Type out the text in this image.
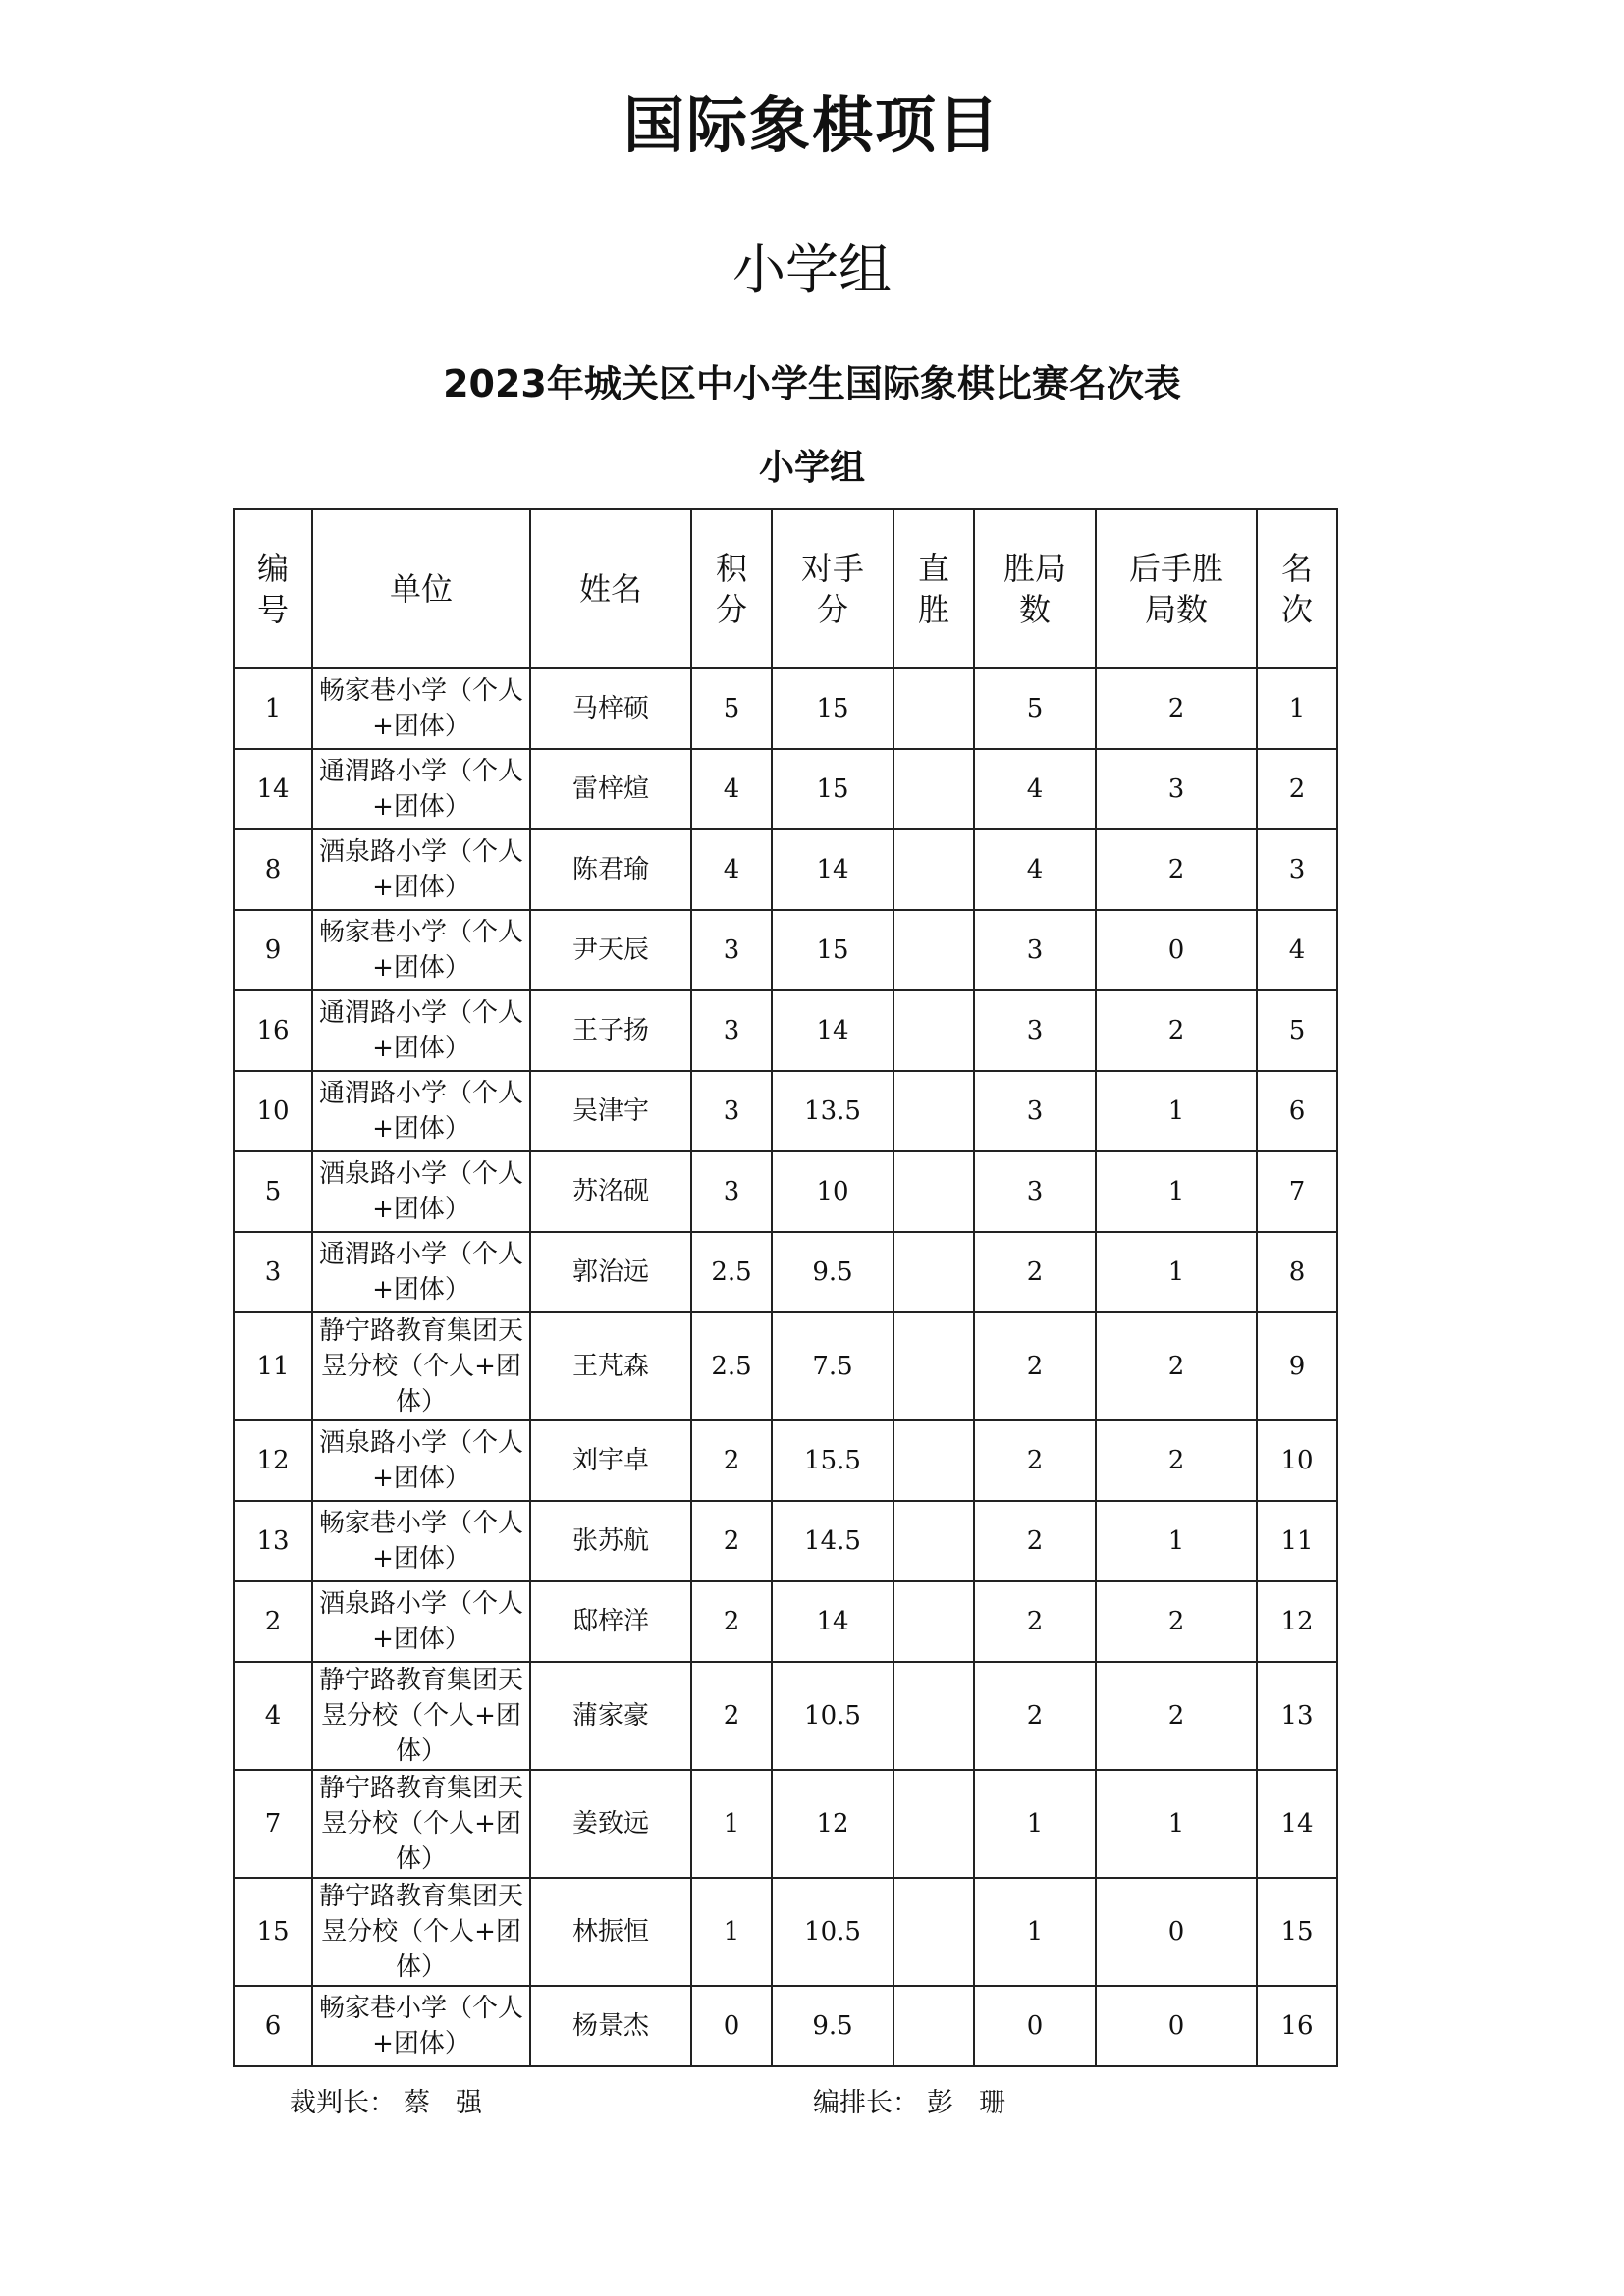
国际象棋项目
小学组
2023年城关区中小学生国际象棋比赛名次表
小学组
编号	单位	姓名	积分	对手分	直胜	胜局数	后手胜局数	名次
1	畅家巷小学（个人+团体）	马梓硕	5	15		5	2	1
14	通渭路小学（个人+团体）	雷梓煊	4	15		4	3	2
8	酒泉路小学（个人+团体）	陈君瑜	4	14		4	2	3
9	畅家巷小学（个人+团体）	尹天辰	3	15		3	0	4
16	通渭路小学（个人+团体）	王子扬	3	14		3	2	5
10	通渭路小学（个人+团体）	吴津宇	3	13.5		3	1	6
5	酒泉路小学（个人+团体）	苏洺砚	3	10		3	1	7
3	通渭路小学（个人+团体）	郭治远	2.5	9.5		2	1	8
11	静宁路教育集团天昱分校（个人+团体）	王芃森	2.5	7.5		2	2	9
12	酒泉路小学（个人+团体）	刘宇卓	2	15.5		2	2	10
13	畅家巷小学（个人+团体）	张苏航	2	14.5		2	1	11
2	酒泉路小学（个人+团体）	邸梓洋	2	14		2	2	12
4	静宁路教育集团天昱分校（个人+团体）	蒲家豪	2	10.5		2	2	13
7	静宁路教育集团天昱分校（个人+团体）	姜致远	1	12		1	1	14
15	静宁路教育集团天昱分校（个人+团体）	林振恒	1	10.5		1	0	15
6	畅家巷小学（个人+团体）	杨景杰	0	9.5		0	0	16
裁判长： 蔡强	编排长： 彭珊
